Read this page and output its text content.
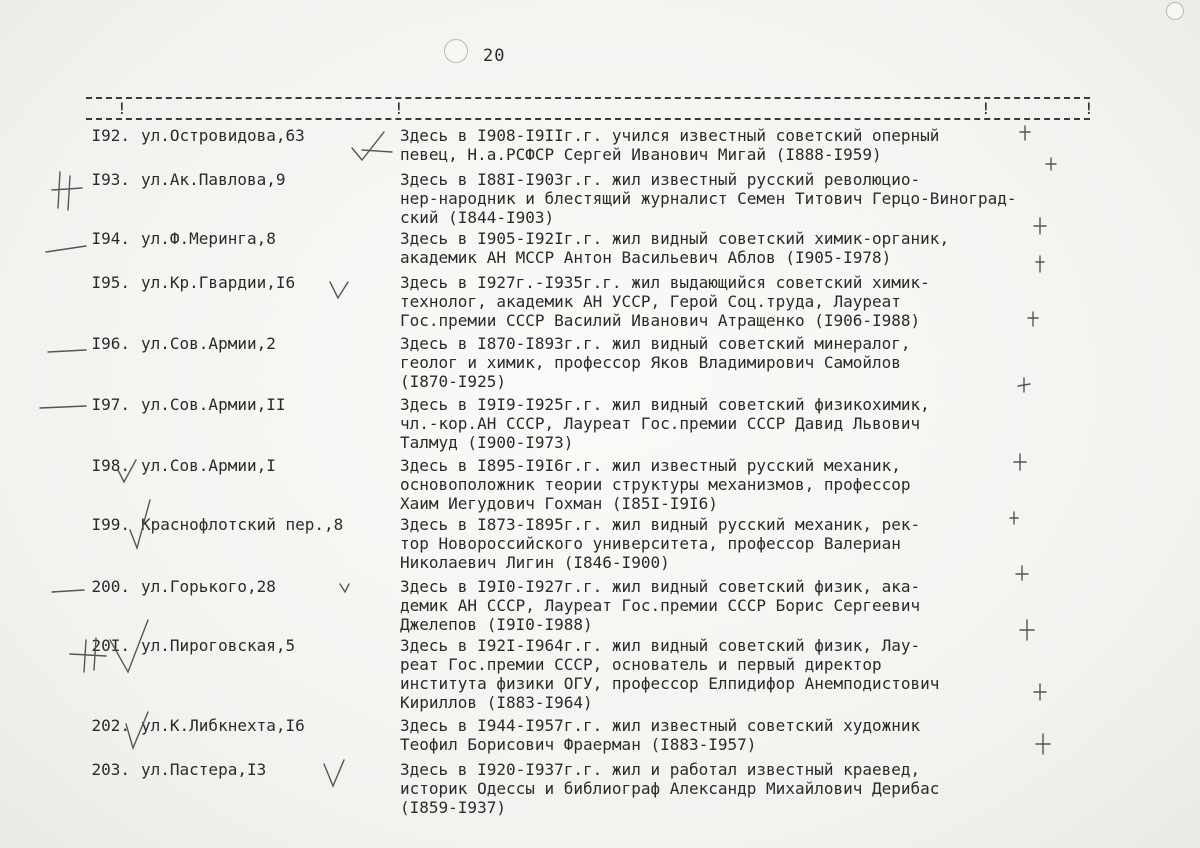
20
!	!	!	!
I92. ул.Островидова,63	Здесь в I908-I9IIг.г. учился известный советский оперный
певец, Н.а.РСФСР Сергей Иванович Мигай (I888-I959)
I93. ул.Ак.Павлова,9	Здесь в I88I-I903г.г. жил известный русский революцио-
нер-народник и блестящий журналист Семен Титович Герцо-Виноград-
ский (I844-I903)
I94. ул.Ф.Меринга,8	Здесь в I905-I92Iг.г. жил видный советский химик-органик,
академик АН МССР Антон Васильевич Аблов (I905-I978)
I95. ул.Кр.Гвардии,I6	Здесь в I927г.-I935г.г. жил выдающийся советский химик-
технолог, академик АН УССР, Герой Соц.труда, Лауреат
Гос.премии СССР Василий Иванович Атращенко (I906-I988)
I96. ул.Сов.Армии,2	Здесь в I870-I893г.г. жил видный советский минералог,
геолог и химик, профессор Яков Владимирович Самойлов
(I870-I925)
I97. ул.Сов.Армии,II	Здесь в I9I9-I925г.г. жил видный советский физикохимик,
чл.-кор.АН СССР, Лауреат Гос.премии СССР Давид Львович
Талмуд (I900-I973)
I98. ул.Сов.Армии,I	Здесь в I895-I9I6г.г. жил известный русский механик,
основоположник теории структуры механизмов, профессор
Хаим Иегудович Гохман (I85I-I9I6)
I99. Краснофлотский пер.,8	Здесь в I873-I895г.г. жил видный русский механик, рек-
тор Новороссийского университета, профессор Валериан
Николаевич Лигин (I846-I900)
200. ул.Горького,28	Здесь в I9I0-I927г.г. жил видный советский физик, ака-
демик АН СССР, Лауреат Гос.премии СССР Борис Сергеевич
Джелепов (I9I0-I988)
20I. ул.Пироговская,5	Здесь в I92I-I964г.г. жил видный советский физик, Лау-
реат Гос.премии СССР, основатель и первый директор
института физики ОГУ, профессор Елпидифор Анемподистович
Кириллов (I883-I964)
202. ул.К.Либкнехта,I6	Здесь в I944-I957г.г. жил известный советский художник
Теофил Борисович Фраерман (I883-I957)
203. ул.Пастера,I3	Здесь в I920-I937г.г. жил и работал известный краевед,
историк Одессы и библиограф Александр Михайлович Дерибас
(I859-I937)
